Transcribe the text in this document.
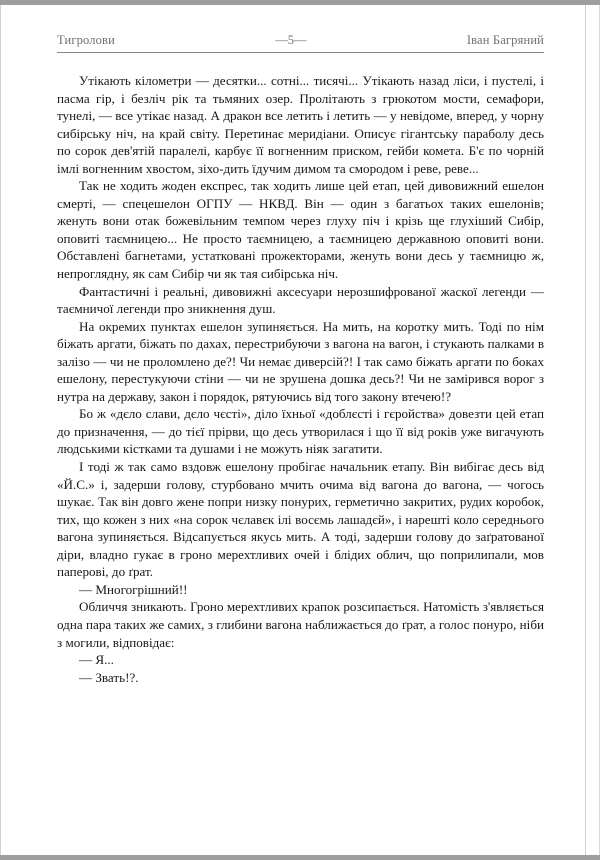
Тигролови	—5—	Іван Багряний

Утікають кілометри — десятки... сотні... тисячі... Утікають назад ліси, і пустелі, і пасма гір, і безліч рік та тьмяних озер. Пролітають з грюкотом мости, семафори, тунелі, — все утікає назад. А дракон все летить і летить — у невідоме, вперед, у чорну сибірську ніч, на край світу. Перетинає меридіани. Описує гігантську параболу десь по сорок дев'ятій паралелі, карбує її вогненним приском, гейби комета. Б'є по чорній імлі вогненним хвостом, зіхо-дить їдучим димом та смородом і реве, реве...

Так не ходить жоден експрес, так ходить лише цей етап, цей дивовижний ешелон смерті, — спецешелон ОГПУ — НКВД. Він — один з багатьох таких ешелонів; женуть вони отак божевільним темпом через глуху піч і крізь ще глухіший Сибір, оповиті таємницею... Не просто таємницею, а таємницею державною оповиті вони. Обставлені багнетами, устатковані прожекторами, женуть вони десь у таємницю ж, непроглядну, як сам Сибір чи як тая сибірська ніч.

Фантастичні і реальні, дивовижні аксесуари нерозшифрованої жаскої легенди — таємничої легенди про зникнення душ.

На окремих пунктах ешелон зупиняється. На мить, на коротку мить. Тоді по нім біжать аргати, біжать по дахах, перестрибуючи з вагона на вагон, і стукають палками в залізо — чи не проломлено де?! Чи немає диверсій?! І так само біжать аргати по боках ешелону, перестукуючи стіни — чи не зрушена дошка десь?! Чи не замірився ворог з нутра на державу, закон і порядок, рятуючись від того закону втечею!?

Бо ж «дєло слави, дєло чєсті», діло їхньої «доблєсті і гєройства» довезти цей етап до призначення, — до тієї прірви, що десь утворилася і що її від років уже вигачують людськими кістками та душами і не можуть ніяк загатити.

І тоді ж так само вздовж ешелону пробігає начальник етапу. Він вибігає десь від «Й.С.» і, задерши голову, стурбовано мчить очима від вагона до вагона, — чогось шукає. Так він довго жене попри низку понурих, герметично закритих, рудих коробок, тих, що кожен з них «на сорок чєлавєк ілі восємь лашадєй», і нарешті коло середнього вагона зупиняється. Відсапується якусь мить. А тоді, задерши голову до заґратованої діри, владно гукає в гроно мерехтливих очей і блідих облич, що поприлипали, мов паперові, до ґрат.

— Многогрішний!!

Обличчя зникають. Гроно мерехтливих крапок розсипається. Натомість з'являється одна пара таких же самих, з глибини вагона наближається до ґрат, а голос понуро, ніби з могили, відповідає:

— Я...

— Звать!?.
